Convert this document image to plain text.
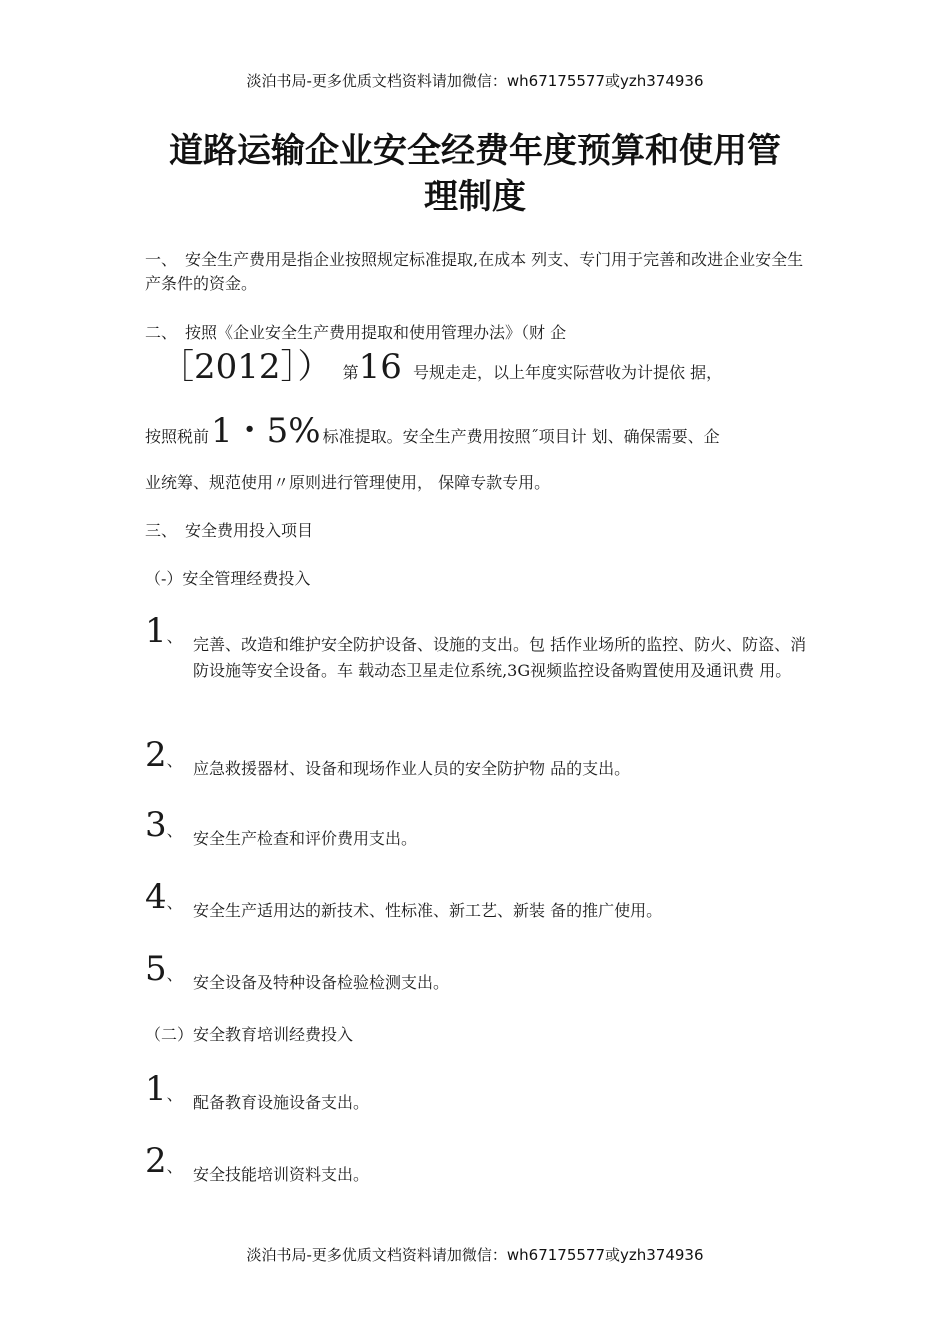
淡泊书局-更多优质文档资料请加微信：wh67175577或yzh374936
道路运输企业安全经费年度预算和使用管
理制度
一、　安全生产费用是指企业按照规定标准提取,在成本 列支、专门用于完善和改进企业安全生产条件的资金。
二、　按照《企业安全生产费用提取和使用管理办法》（财 企
［2012］） 第16 号规走走，以上年度实际营收为计提依 据，
按照税前1・5% 标准提取。安全生产费用按照˝项目计 划、确保需要、企
业统筹、规范使用〃原则进行管理使用， 保障专款专用。
三、　安全费用投入项目
（-）安全管理经费投入
1、 完善、改造和维护安全防护设备、设施的支出。包 括作业场所的监控、防火、防盗、消防设施等安全设备。车 载动态卫星走位系统,3G视频监控设备购置使用及通讯费 用。
2、 应急救援器材、设备和现场作业人员的安全防护物 品的支出。
3、 安全生产检查和评价费用支出。
4、 安全生产适用达的新技术、性标准、新工艺、新装 备的推广使用。
5、 安全设备及特种设备检验检测支出。
（二）安全教育培训经费投入
1、 配备教育设施设备支出。
2、 安全技能培训资料支出。
淡泊书局-更多优质文档资料请加微信：wh67175577或yzh374936
